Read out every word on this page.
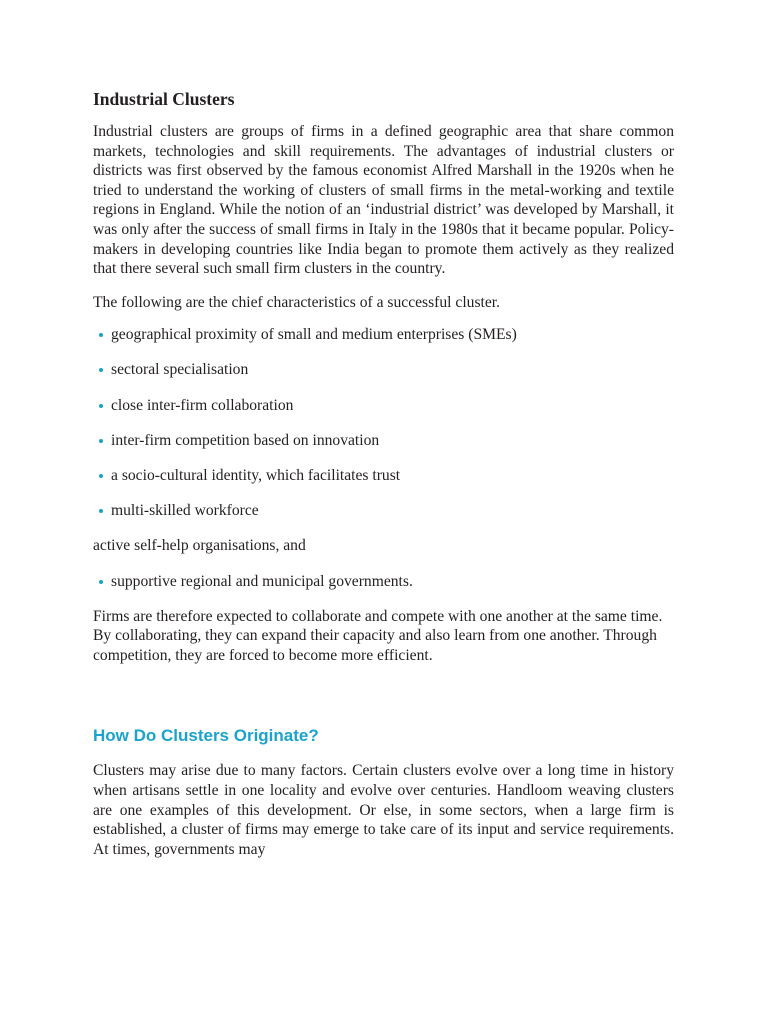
Industrial Clusters

Industrial clusters are groups of firms in a defined geographic area that share common markets, technologies and skill requirements. The advantages of industrial clusters or districts was first observed by the famous economist Alfred Marshall in the 1920s when he tried to understand the working of clusters of small firms in the metal-working and textile regions in England. While the notion of an ‘industrial district’ was developed by Marshall, it was only after the success of small firms in Italy in the 1980s that it became popular. Policy-makers in developing countries like India began to promote them actively as they realized that there several such small firm clusters in the country.

The following are the chief characteristics of a successful cluster.

geographical proximity of small and medium enterprises (SMEs)
sectoral specialisation
close inter-firm collaboration
inter-firm competition based on innovation
a socio-cultural identity, which facilitates trust
multi-skilled workforce

active self-help organisations, and

supportive regional and municipal governments.

Firms are therefore expected to collaborate and compete with one another at the same time. By collaborating, they can expand their capacity and also learn from one another. Through competition, they are forced to become more efficient.

How Do Clusters Originate?

Clusters may arise due to many factors. Certain clusters evolve over a long time in history when artisans settle in one locality and evolve over centuries. Handloom weaving clusters are one examples of this development. Or else, in some sectors, when a large firm is established, a cluster of firms may emerge to take care of its input and service requirements. At times, governments may
